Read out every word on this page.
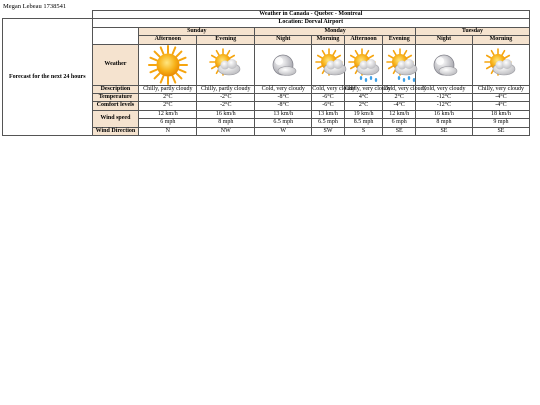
Megan Lebeau 1738541
	Weather in Canada - Quebec - Montreal								
Forecast for the next 24 hours	Location: Dorval Airport								
		Sunday		Monday				Tuesday	
		Afternoon	Evening	Night	Morning	Afternoon	Evening	Night	Morning
	Weather	

	Description	Chilly, partly cloudy	Chilly, partly cloudy	Cold, very cloudy	Cold, very cloudy	Chilly, very cloudy	Cold, very cloudy	Cold, very cloudy	Chilly, very cloudy
	Temperature	2°C	-2°C	-8°C	-6°C	4°C	2°C	-12°C	-4°C
	Comfort levels	2°C	-2°C	-8°C	-6°C	2°C	-4°C	-12°C	-4°C
	Wind speed	12 km/h	16 km/h	13 km/h	13 km/h	19 km/h	12 km/h	16 km/h	18 km/h
		6 mph	8 mph	6.5 mph	6.5 mph	8.5 mph	6 mph	8 mph	9 mph
	Wind Direction	N	NW	W	SW	S	SE	SE	SE
